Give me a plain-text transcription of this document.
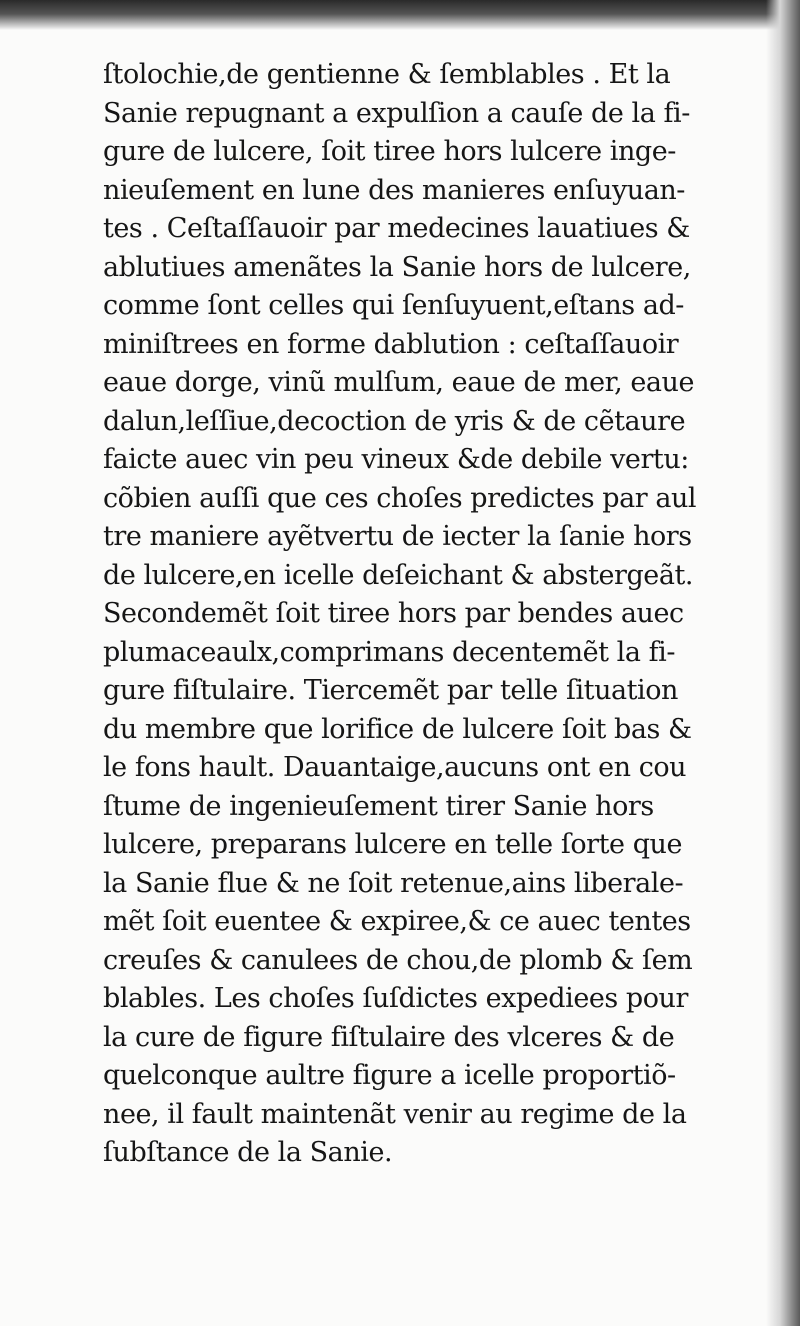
ſtolochie,de gentienne & ſemblables . Et la
Sanie repugnant a expulſion a cauſe de la fi-
gure de lulcere, ſoit tiree hors lulcere inge-
nieuſement en lune des manieres enſuyuan-
tes . Ceſtaſſauoir par medecines lauatiues &
ablutiues amenãtes la Sanie hors de lulcere,
comme ſont celles qui ſenſuyuent,eſtans ad-
miniſtrees en forme dablution : ceſtaſſauoir
eaue dorge, vinũ mulſum, eaue de mer, eaue
dalun,leſſiue,decoction de yris & de cẽtaure
faicte auec vin peu vineux &de debile vertu:
cõbien auſſi que ces choſes predictes par aul
tre maniere ayẽtvertu de iecter la ſanie hors
de lulcere,en icelle deſeichant & abstergeãt.
Secondemẽt ſoit tiree hors par bendes auec
plumaceaulx,comprimans decentemẽt la fi-
gure fiſtulaire. Tiercemẽt par telle ſituation
du membre que lorifice de lulcere ſoit bas &
le fons hault. Dauantaige,aucuns ont en cou
ſtume de ingenieuſement tirer Sanie hors
lulcere, preparans lulcere en telle ſorte que
la Sanie flue & ne ſoit retenue,ains liberale-
mẽt ſoit euentee & expiree,& ce auec tentes
creuſes & canulees de chou,de plomb & ſem
blables. Les choſes ſuſdictes expediees pour
la cure de figure fiſtulaire des vlceres & de
quelconque aultre figure a icelle proportiõ-
nee, il fault maintenãt venir au regime de la
ſubſtance de la Sanie.
